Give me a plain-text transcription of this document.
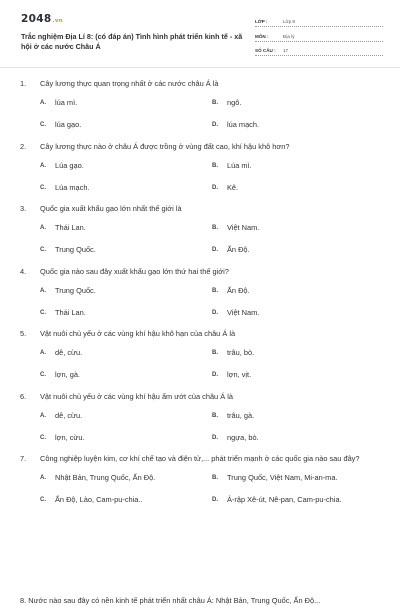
2048.vn
Trắc nghiệm Địa Lí 8: (có đáp án) Tình hình phát triển kinh tế - xã hội ở các nước Châu Á
LỚP :	Lớp 8
MÔN :	Địa lý
SỐ CÂU :	17
1.	Cây lương thực quan trọng nhất ở các nước châu Á là
A.	lúa mì.	B.	ngô.
C.	lúa gạo.	D.	lúa mạch.
2.	Cây lương thực nào ở châu Á được trồng ở vùng đất cao, khí hậu khô hơn?
A.	Lúa gạo.	B.	Lúa mì.
C.	Lúa mạch.	D.	Kê.
3.	Quốc gia xuất khẩu gạo lớn nhất thế giới là
A.	Thái Lan.	B.	Việt Nam.
C.	Trung Quốc.	D.	Ấn Độ.
4.	Quốc gia nào sau đây xuất khẩu gạo lớn thứ hai thế giới?
A.	Trung Quốc.	B.	Ấn Độ.
C.	Thái Lan.	D.	Việt Nam.
5.	Vật nuôi chủ yếu ở các vùng khí hậu khô hạn của châu Á là
A.	dê, cừu.	B.	trâu, bò.
C.	lợn, gà.	D.	lợn, vịt.
6.	Vật nuôi chủ yếu ở các vùng khí hậu ẩm ướt của châu Á là
A.	dê, cừu.	B.	trâu, gà.
C.	lợn, cừu.	D.	ngựa, bò.
7.	Công nghiệp luyện kim, cơ khí chế tạo và điện tử,... phát triển mạnh ở các quốc gia nào sau đây?
A.	Nhật Bản, Trung Quốc, Ấn Độ.	B.	Trung Quốc, Việt Nam, Mi-an-ma.
C.	Ấn Độ, Lào, Cam-pu-chia..	D.	Ả-rập Xê-út, Nê-pan, Cam-pu-chia.
8. Nước nào sau đây có nền kinh tế phát triển nhất châu Á: Nhật Bản, Trung Quốc, Ấn Độ...
